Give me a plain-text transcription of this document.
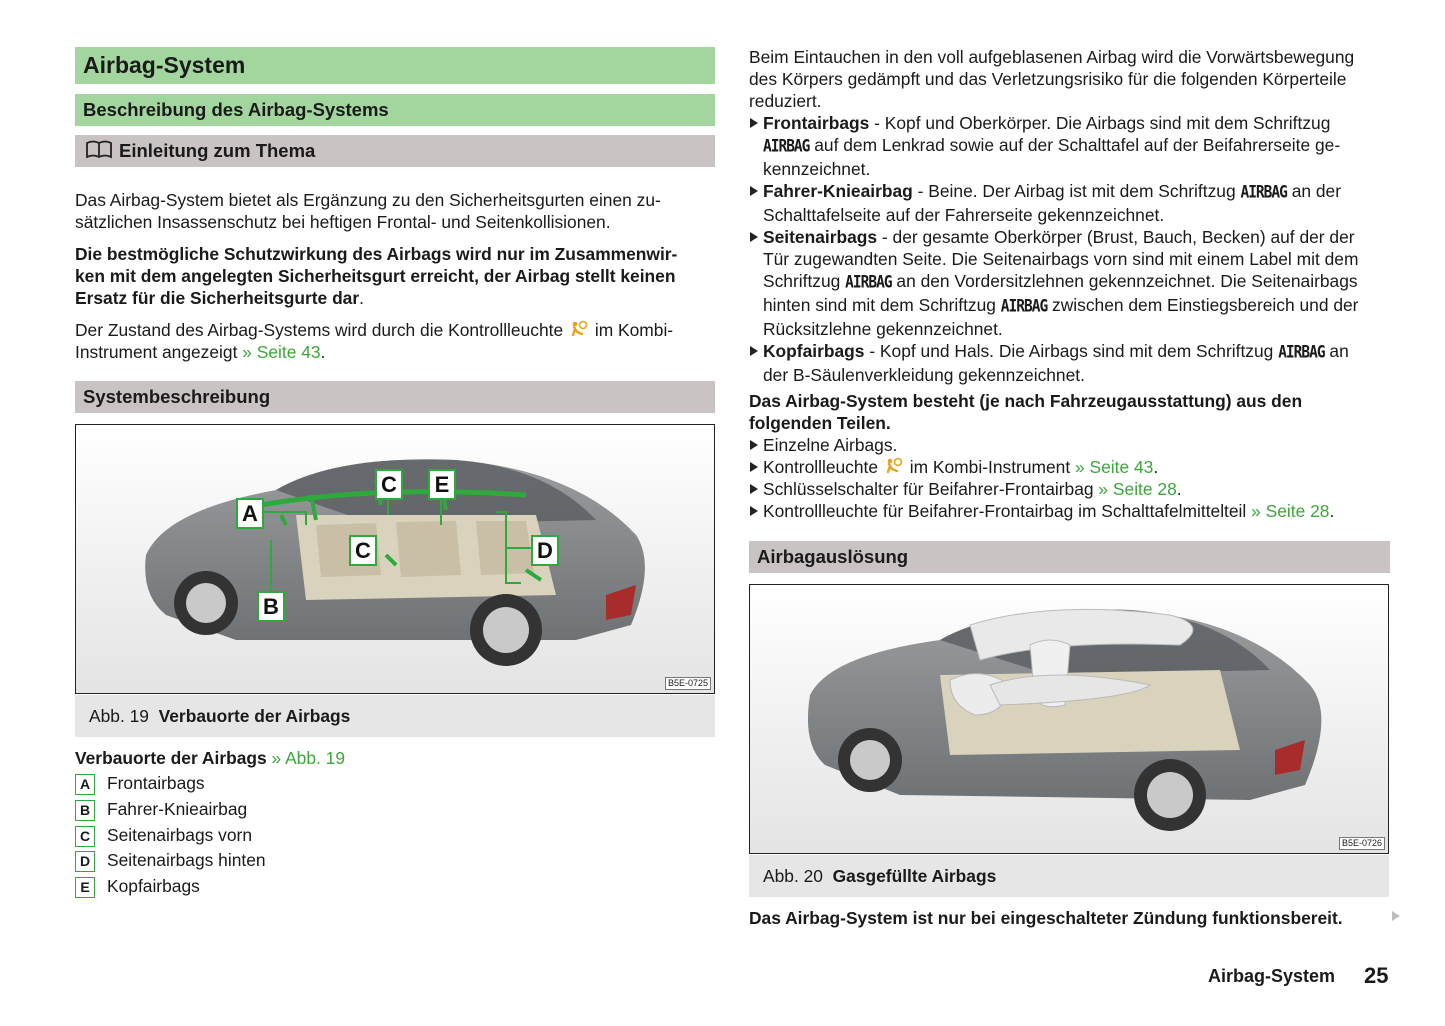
Airbag-System
Beschreibung des Airbag-Systems
Einleitung zum Thema
Das Airbag-System bietet als Ergänzung zu den Sicherheitsgurten einen zu-
sätzlichen Insassenschutz bei heftigen Frontal- und Seitenkollisionen.
Die bestmögliche Schutzwirkung des Airbags wird nur im Zusammenwir-
ken mit dem angelegten Sicherheitsgurt erreicht, der Airbag stellt keinen
Ersatz für die Sicherheitsgurte dar.
Der Zustand des Airbag-Systems wird durch die Kontrollleuchte im Kombi-
Instrument angezeigt » Seite 43.
Systembeschreibung
A
B
C
C	D
E
B5E-0725
Abb. 19 Verbauorte der Airbags
Verbauorte der Airbags » Abb. 19
A Frontairbags
B Fahrer-Knieairbag
C Seitenairbags vorn
D Seitenairbags hinten
E Kopfairbags
Beim Eintauchen in den voll aufgeblasenen Airbag wird die Vorwärtsbewegung
des Körpers gedämpft und das Verletzungsrisiko für die folgenden Körperteile
reduziert.
Frontairbags - Kopf und Oberkörper. Die Airbags sind mit dem Schriftzug
AIRBAG auf dem Lenkrad sowie auf der Schalttafel auf der Beifahrerseite ge-
kennzeichnet.
Fahrer-Knieairbag - Beine. Der Airbag ist mit dem Schriftzug AIRBAG an der
Schalttafelseite auf der Fahrerseite gekennzeichnet.
Seitenairbags - der gesamte Oberkörper (Brust, Bauch, Becken) auf der der
Tür zugewandten Seite. Die Seitenairbags vorn sind mit einem Label mit dem
Schriftzug AIRBAG an den Vordersitzlehnen gekennzeichnet. Die Seitenairbags
hinten sind mit dem Schriftzug AIRBAG zwischen dem Einstiegsbereich und der
Rücksitzlehne gekennzeichnet.
Kopfairbags - Kopf und Hals. Die Airbags sind mit dem Schriftzug AIRBAG an
der B-Säulenverkleidung gekennzeichnet.
Das Airbag-System besteht (je nach Fahrzeugausstattung) aus den
folgenden Teilen.
Einzelne Airbags.
Kontrollleuchte im Kombi-Instrument » Seite 43.
Schlüsselschalter für Beifahrer-Frontairbag » Seite 28.
Kontrollleuchte für Beifahrer-Frontairbag im Schalttafelmittelteil » Seite 28.
Airbagauslösung
B5E-0726
Abb. 20 Gasgefüllte Airbags
Das Airbag-System ist nur bei eingeschalteter Zündung funktionsbereit.
Airbag-System 25
